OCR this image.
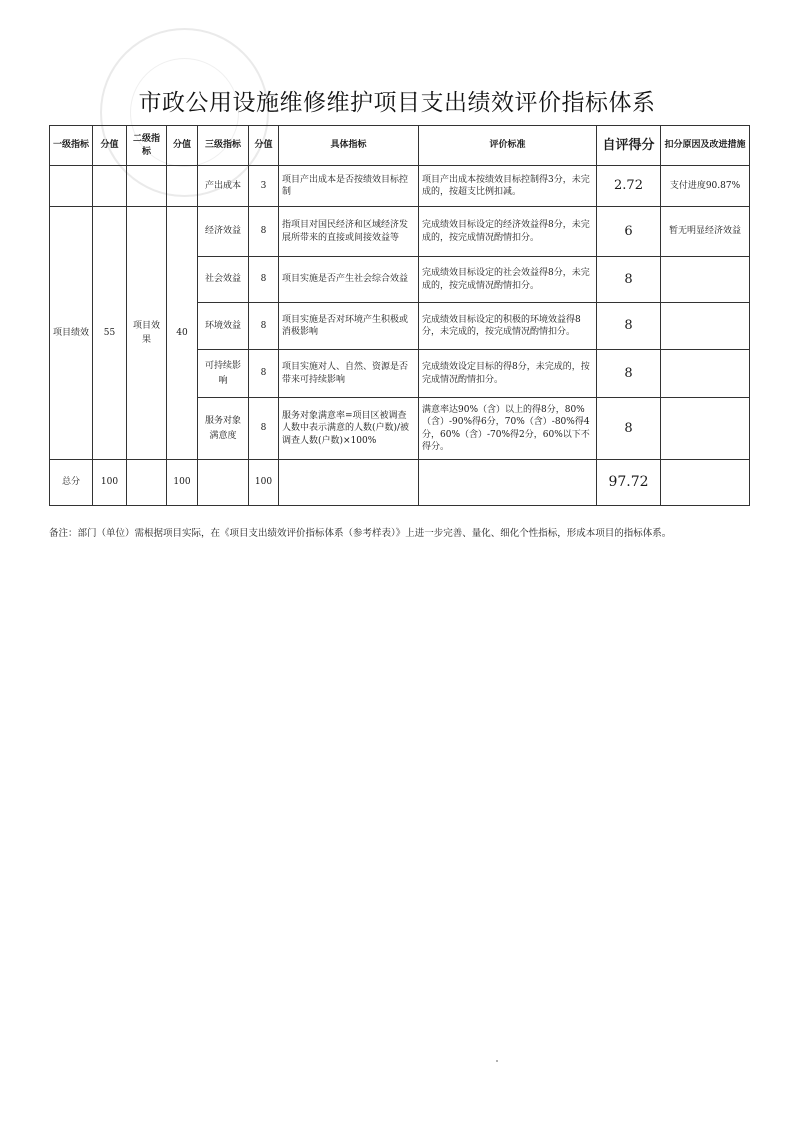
市政公用设施维修维护项目支出绩效评价指标体系
一级指标	分值	二级指标	分值	三级指标	分值	具体指标	评价标准	自评得分	扣分原因及改进措施
				产出成本	3	项目产出成本是否按绩效目标控制	项目产出成本按绩效目标控制得3分，未完成的，按超支比例扣减。	2.72	支付进度90.87%
项目绩效	55	项目效果	40	经济效益	8	指项目对国民经济和区域经济发展所带来的直接或间接效益等	完成绩效目标设定的经济效益得8分，未完成的，按完成情况酌情扣分。	6	暂无明显经济效益
				社会效益	8	项目实施是否产生社会综合效益	完成绩效目标设定的社会效益得8分，未完成的，按完成情况酌情扣分。	8	
				环境效益	8	项目实施是否对环境产生积极或消极影响	完成绩效目标设定的积极的环境效益得8分，未完成的，按完成情况酌情扣分。	8	
				可持续影响	8	项目实施对人、自然、资源是否带来可持续影响	完成绩效设定目标的得8分，未完成的，按完成情况酌情扣分。	8	
				服务对象满意度	8	服务对象满意率=项目区被调查人数中表示满意的人数(户数)/被调查人数(户数)×100%	满意率达90%（含）以上的得8分，80%（含）-90%得6分，70%（含）-80%得4分，60%（含）-70%得2分，60%以下不得分。	8	
总分	100		100		100			97.72	
备注：部门（单位）需根据项目实际，在《项目支出绩效评价指标体系（参考样表）》上进一步完善、量化、细化个性指标，形成本项目的指标体系。
